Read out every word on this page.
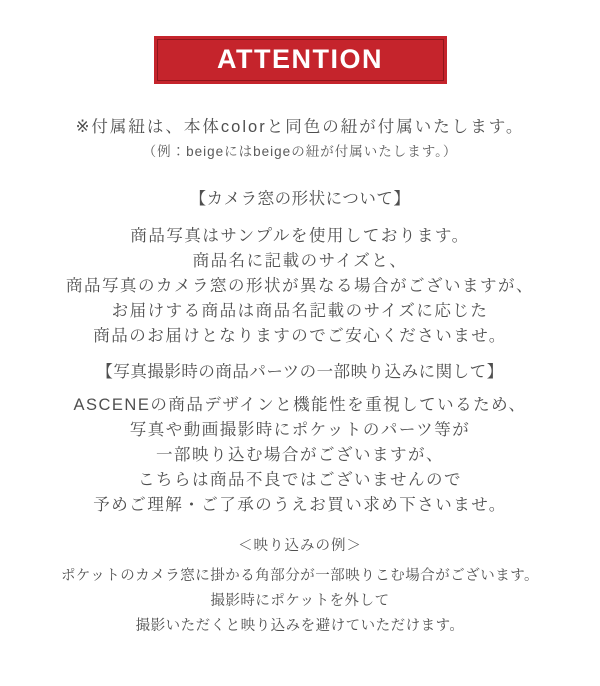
ATTENTION
※付属紐は、本体colorと同色の紐が付属いたします。
（例：beigeにはbeigeの紐が付属いたします。）
【カメラ窓の形状について】
商品写真はサンプルを使用しております。
商品名に記載のサイズと、
商品写真のカメラ窓の形状が異なる場合がございますが、
お届けする商品は商品名記載のサイズに応じた
商品のお届けとなりますのでご安心くださいませ。
【写真撮影時の商品パーツの一部映り込みに関して】
ASCENEの商品デザインと機能性を重視しているため、
写真や動画撮影時にポケットのパーツ等が
一部映り込む場合がございますが、
こちらは商品不良ではございませんので
予めご理解・ご了承のうえお買い求め下さいませ。
＜映り込みの例＞
ポケットのカメラ窓に掛かる角部分が一部映りこむ場合がございます。
撮影時にポケットを外して
撮影いただくと映り込みを避けていただけます。
